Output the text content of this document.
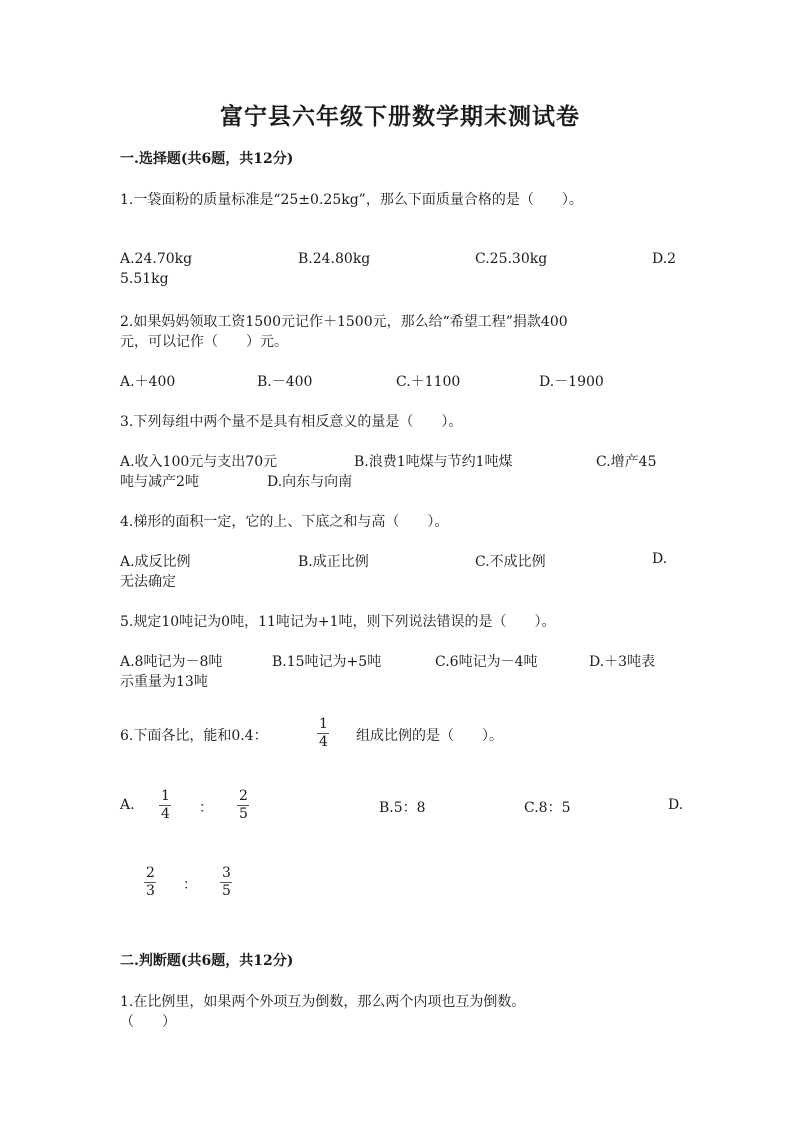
富宁县六年级下册数学期末测试卷
一.选择题(共6题，共12分)
1.一袋面粉的质量标准是“25±0.25kg”，那么下面质量合格的是（　　）。
A.24.70kg	B.24.80kg	C.25.30kg	D.2
5.51kg
2.如果妈妈领取工资1500元记作＋1500元，那么给“希望工程”捐款400
元，可以记作（　　）元。
A.＋400	B.－400	C.＋1100	D.－1900
3.下列每组中两个量不是具有相反意义的量是（　　）。
A.收入100元与支出70元	B.浪费1吨煤与节约1吨煤	C.增产45
吨与减产2吨	D.向东与向南
4.梯形的面积一定，它的上、下底之和与高（　　）。
A.成反比例	B.成正比例	C.不成比例	D.
无法确定
5.规定10吨记为0吨，11吨记为+1吨，则下列说法错误的是（　　）。
A.8吨记为－8吨	B.15吨记为+5吨	C.6吨记为－4吨	D.＋3吨表
示重量为13吨
6.下面各比，能和0.4：
1
4 组成比例的是（　　）。
A.
1
4 ：
2
5	B.5：8	C.8：5	D.
2
3 ：
3
5
二.判断题(共6题，共12分)
1.在比例里，如果两个外项互为倒数，那么两个内项也互为倒数。
（　　）
